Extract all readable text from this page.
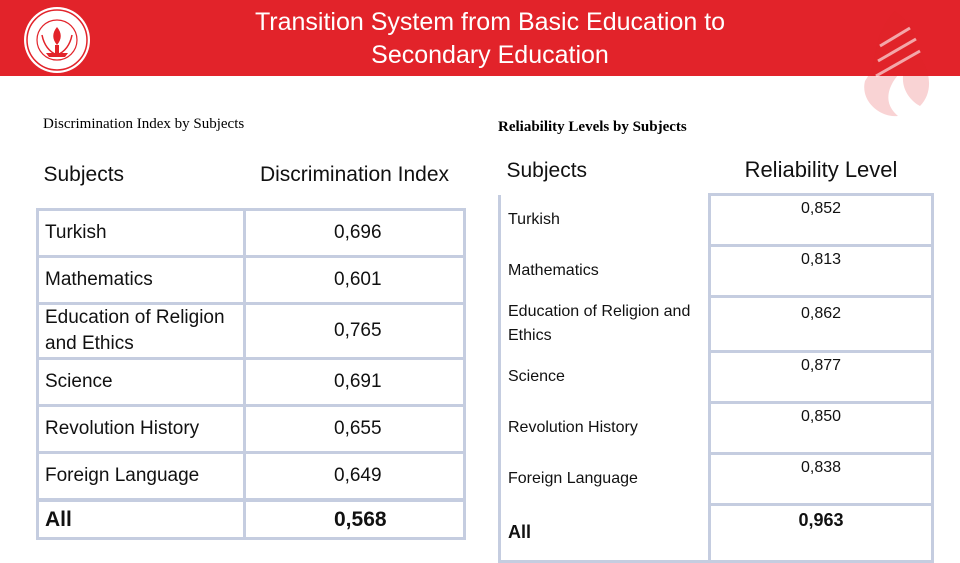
Transition System from Basic Education to
Secondary Education
Discrimination Index by Subjects	Reliability Levels by Subjects
Subjects	Discrimination Index
Turkish	0,696
Mathematics	0,601
Education of Religion and Ethics	0,765
Science	0,691
Revolution History	0,655
Foreign Language	0,649
All	0,568
Subjects	Reliability Level
Turkish	0,852
Mathematics	0,813
Education of Religion and Ethics	0,862
Science	0,877
Revolution History	0,850
Foreign Language	0,838
All	0,963
